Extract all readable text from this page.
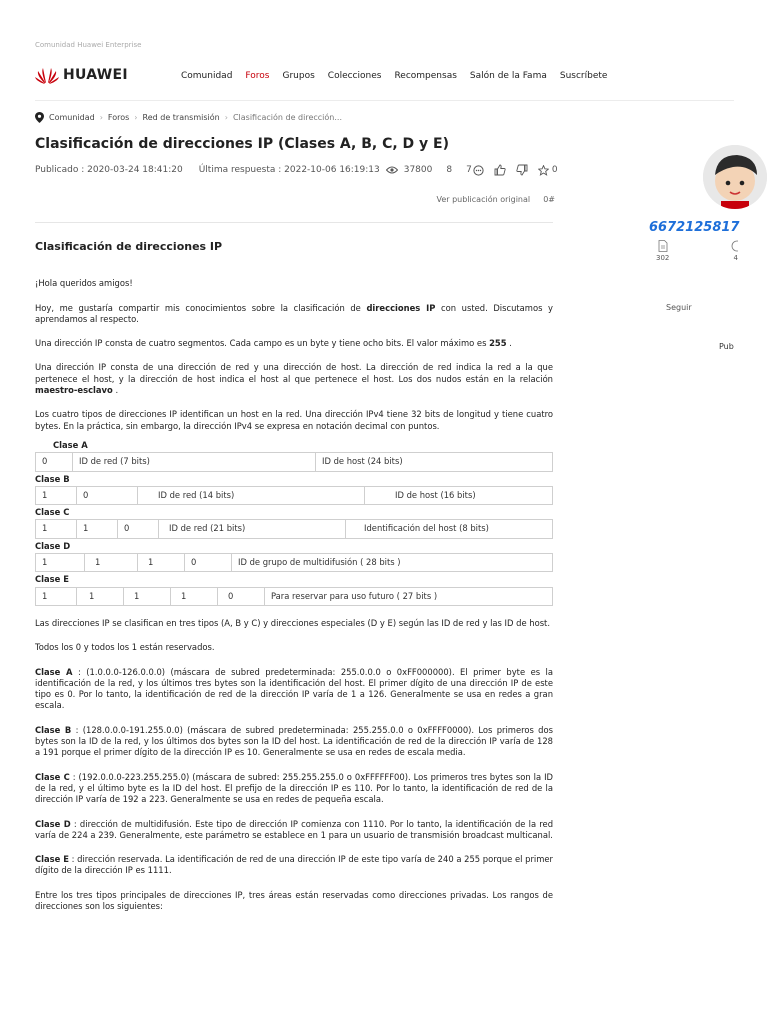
Comunidad Huawei Enterprise
HUAWEI	Comunidad Foros Grupos Colecciones Recompensas Salón de la Fama Suscríbete
Comunidad › Foros › Red de transmisión › Clasificación de dirección...
Clasificación de direcciones IP (Clases A, B, C, D y E)
Publicado : 2020-03-24 18:41:20 Última respuesta : 2022-10-06 16:19:13	37800 8 7	0
Ver publicación original 0#
Clasificación de direcciones IP

¡Hola queridos amigos!

Hoy, me gustaría compartir mis conocimientos sobre la clasificación de direcciones IP con usted. Discutamos y aprendamos al respecto.

Una dirección IP consta de cuatro segmentos. Cada campo es un byte y tiene ocho bits. El valor máximo es 255 .

Una dirección IP consta de una dirección de red y una dirección de host. La dirección de red indica la red a la que pertenece el host, y la dirección de host indica el host al que pertenece el host. Los dos nudos están en la relación maestro-esclavo .

Los cuatro tipos de direcciones IP identifican un host en la red. Una dirección IPv4 tiene 32 bits de longitud y tiene cuatro bytes. En la práctica, sin embargo, la dirección IPv4 se expresa en notación decimal con puntos.

Clase A
0	ID de red (7 bits)	ID de host (24 bits)
Clase B
1	0	ID de red (14 bits)	ID de host (16 bits)
Clase C
1	1	0	ID de red (21 bits)	Identificación del host (8 bits)
Clase D
1	1	1	0	ID de grupo de multidifusión ( 28 bits )
Clase E
1	1	1	1	0	Para reservar para uso futuro ( 27 bits )

Las direcciones IP se clasifican en tres tipos (A, B y C) y direcciones especiales (D y E) según las ID de red y las ID de host.

Todos los 0 y todos los 1 están reservados.

Clase A : (1.0.0.0-126.0.0.0) (máscara de subred predeterminada: 255.0.0.0 o 0xFF000000). El primer byte es la identificación de la red, y los últimos tres bytes son la identificación del host. El primer dígito de una dirección IP de este tipo es 0. Por lo tanto, la identificación de red de la dirección IP varía de 1 a 126. Generalmente se usa en redes a gran escala.

Clase B : (128.0.0.0-191.255.0.0) (máscara de subred predeterminada: 255.255.0.0 o 0xFFFF0000). Los primeros dos bytes son la ID de la red, y los últimos dos bytes son la ID del host. La identificación de red de la dirección IP varía de 128 a 191 porque el primer dígito de la dirección IP es 10. Generalmente se usa en redes de escala media.

Clase C : (192.0.0.0-223.255.255.0) (máscara de subred: 255.255.255.0 o 0xFFFFFF00). Los primeros tres bytes son la ID de la red, y el último byte es la ID del host. El prefijo de la dirección IP es 110. Por lo tanto, la identificación de red de la dirección IP varía de 192 a 223. Generalmente se usa en redes de pequeña escala.

Clase D : dirección de multidifusión. Este tipo de dirección IP comienza con 1110. Por lo tanto, la identificación de la red varía de 224 a 239. Generalmente, este parámetro se establece en 1 para un usuario de transmisión broadcast multicanal.

Clase E : dirección reservada. La identificación de red de una dirección IP de este tipo varía de 240 a 255 porque el primer dígito de la dirección IP es 1111.

Entre los tres tipos principales de direcciones IP, tres áreas están reservadas como direcciones privadas. Los rangos de direcciones son los siguientes:

6672125817
302	4
Seguir
Pub
